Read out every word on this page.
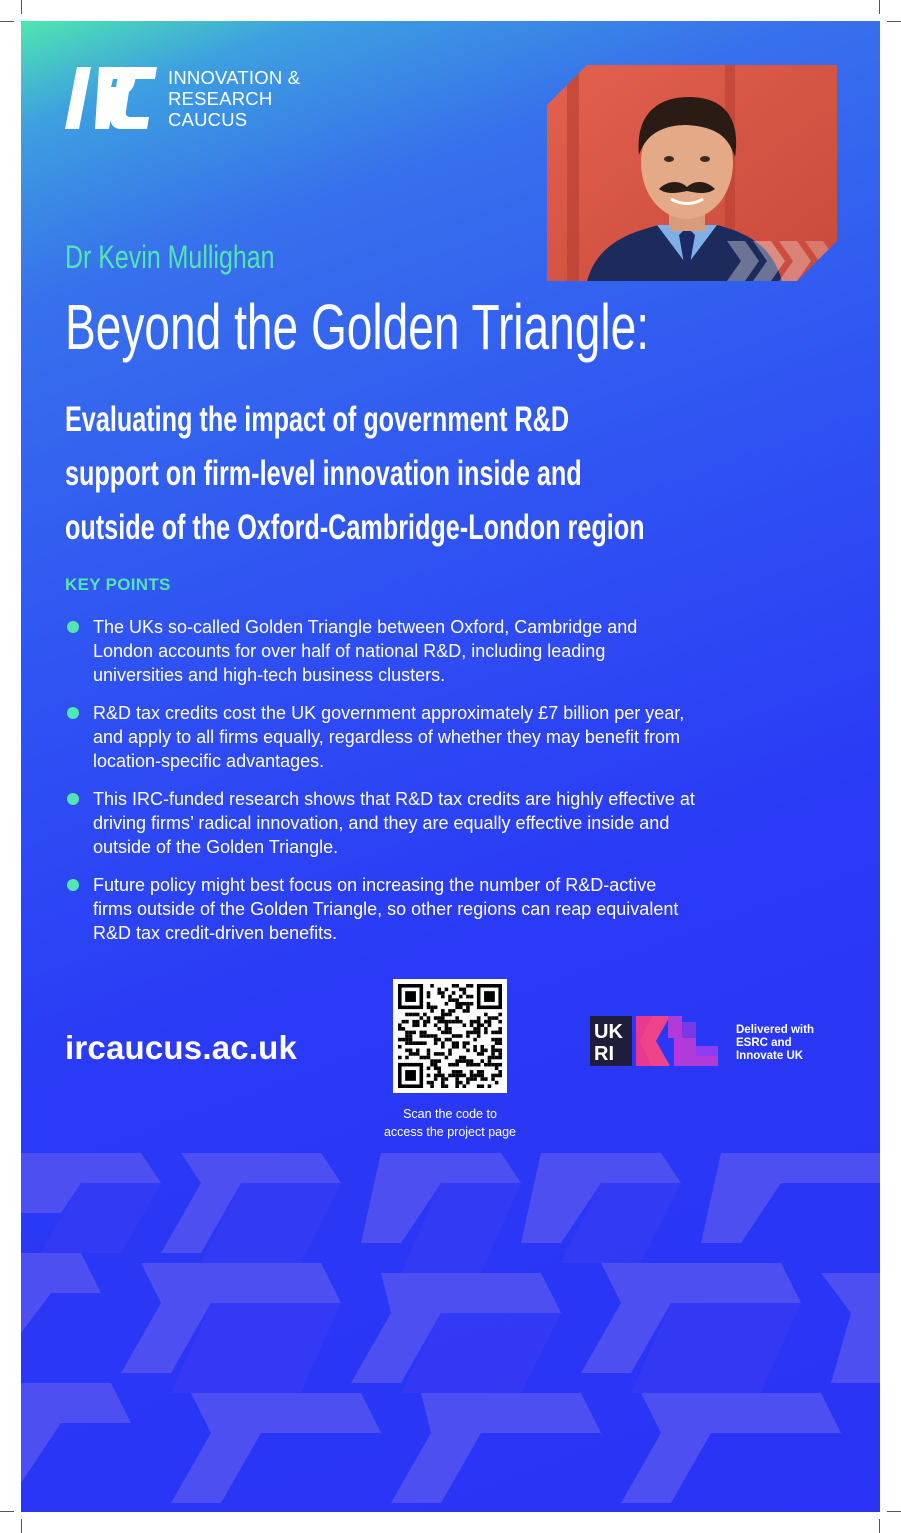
INNOVATION &
RESEARCH
CAUCUS
Dr Kevin Mullighan
Beyond the Golden Triangle:
Evaluating the impact of government R&D
support on firm-level innovation inside and
outside of the Oxford-Cambridge-London region
KEY POINTS
The UKs so-called Golden Triangle between Oxford, Cambridge and London accounts for over half of national R&D, including leading universities and high-tech business clusters.
R&D tax credits cost the UK government approximately £7 billion per year, and apply to all firms equally, regardless of whether they may benefit from location-specific advantages.
This IRC-funded research shows that R&D tax credits are highly effective at driving firms’ radical innovation, and they are equally effective inside and outside of the Golden Triangle.
Future policy might best focus on increasing the number of R&D-active firms outside of the Golden Triangle, so other regions can reap equivalent R&D tax credit-driven benefits.
ircaucus.ac.uk
Scan the code to
access the project page
UK
RI
Delivered with
ESRC and
Innovate UK
